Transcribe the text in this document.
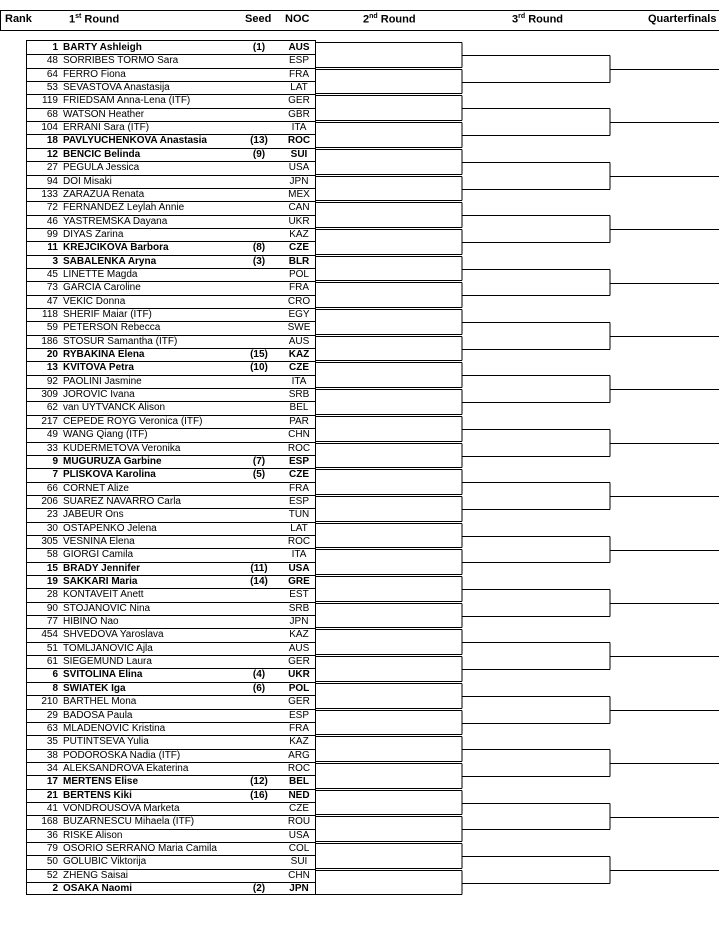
Rank	1st Round	Seed NOC	2nd Round	3rd Round	Quarterfinals
1 BARTY Ashleigh	(1)	AUS
48 SORRIBES TORMO Sara	ESP
64 FERRO Fiona	FRA
53 SEVASTOVA Anastasija	LAT
119 FRIEDSAM Anna-Lena (ITF)	GER
68 WATSON Heather	GBR
104 ERRANI Sara (ITF)	ITA
18 PAVLYUCHENKOVA Anastasia	(13)	ROC
12 BENCIC Belinda	(9)	SUI
27 PEGULA Jessica	USA
94 DOI Misaki	JPN
133 ZARAZUA Renata	MEX
72 FERNANDEZ Leylah Annie	CAN
46 YASTREMSKA Dayana	UKR
99 DIYAS Zarina	KAZ
11 KREJCIKOVA Barbora	(8)	CZE
3 SABALENKA Aryna	(3)	BLR
45 LINETTE Magda	POL
73 GARCIA Caroline	FRA
47 VEKIC Donna	CRO
118 SHERIF Maiar (ITF)	EGY
59 PETERSON Rebecca	SWE
186 STOSUR Samantha (ITF)	AUS
20 RYBAKINA Elena	(15)	KAZ
13 KVITOVA Petra	(10)	CZE
92 PAOLINI Jasmine	ITA
309 JOROVIC Ivana	SRB
62 van UYTVANCK Alison	BEL
217 CEPEDE ROYG Veronica (ITF)	PAR
49 WANG Qiang (ITF)	CHN
33 KUDERMETOVA Veronika	ROC
9 MUGURUZA Garbine	(7)	ESP
7 PLISKOVA Karolina	(5)	CZE
66 CORNET Alize	FRA
206 SUAREZ NAVARRO Carla	ESP
23 JABEUR Ons	TUN
30 OSTAPENKO Jelena	LAT
305 VESNINA Elena	ROC
58 GIORGI Camila	ITA
15 BRADY Jennifer	(11)	USA
19 SAKKARI Maria	(14)	GRE
28 KONTAVEIT Anett	EST
90 STOJANOVIC Nina	SRB
77 HIBINO Nao	JPN
454 SHVEDOVA Yaroslava	KAZ
51 TOMLJANOVIC Ajla	AUS
61 SIEGEMUND Laura	GER
6 SVITOLINA Elina	(4)	UKR
8 SWIATEK Iga	(6)	POL
210 BARTHEL Mona	GER
29 BADOSA Paula	ESP
63 MLADENOVIC Kristina	FRA
35 PUTINTSEVA Yulia	KAZ
38 PODOROSKA Nadia (ITF)	ARG
34 ALEKSANDROVA Ekaterina	ROC
17 MERTENS Elise	(12)	BEL
21 BERTENS Kiki	(16)	NED
41 VONDROUSOVA Marketa	CZE
168 BUZARNESCU Mihaela (ITF)	ROU
36 RISKE Alison	USA
79 OSORIO SERRANO Maria Camila	COL
50 GOLUBIC Viktorija	SUI
52 ZHENG Saisai	CHN
2 OSAKA Naomi	(2)	JPN
